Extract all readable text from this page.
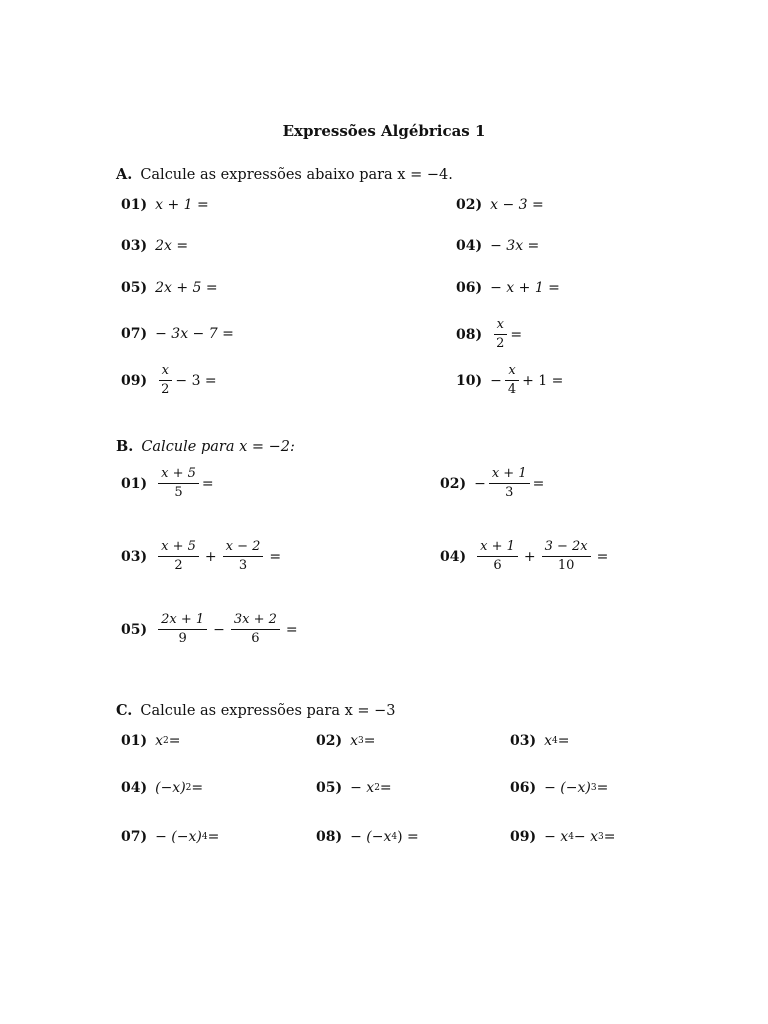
Expressões Algébricas 1
A. Calcule as expressões abaixo para x = −4.
01) x + 1 =	02) x − 3 =
03) 2x =	04) − 3x =
05) 2x + 5 =	06) − x + 1 =
07) − 3x − 7 =	$08) \frac{x}{2}$ =
$09) \frac{x}{2} - 3$ =	$10) - \frac{x}{4} + 1$ =
B. Calcule para x = −2:
$01) \frac{x + 5}{5}$ =	$02) - \frac{x + 1}{3}$ =
$03) \frac{x + 5}{2} + \frac{x - 2}{3}$ =	$04) \frac{x + 1}{6} + \frac{3 - 2x}{10}$ =
$05) \frac{2x + 1}{9} - \frac{3x + 2}{6}$ =
C. Calcule as expressões para x = −3
01) x 2 =	02) x 3 =	03) x 4 =
04) (−x) 2 =	05) − x 2 =	06) − (−x) 3 =
07) − (−x) 4 =	08) − (−x 4 ) =	09) − x 4 − x 3 =
